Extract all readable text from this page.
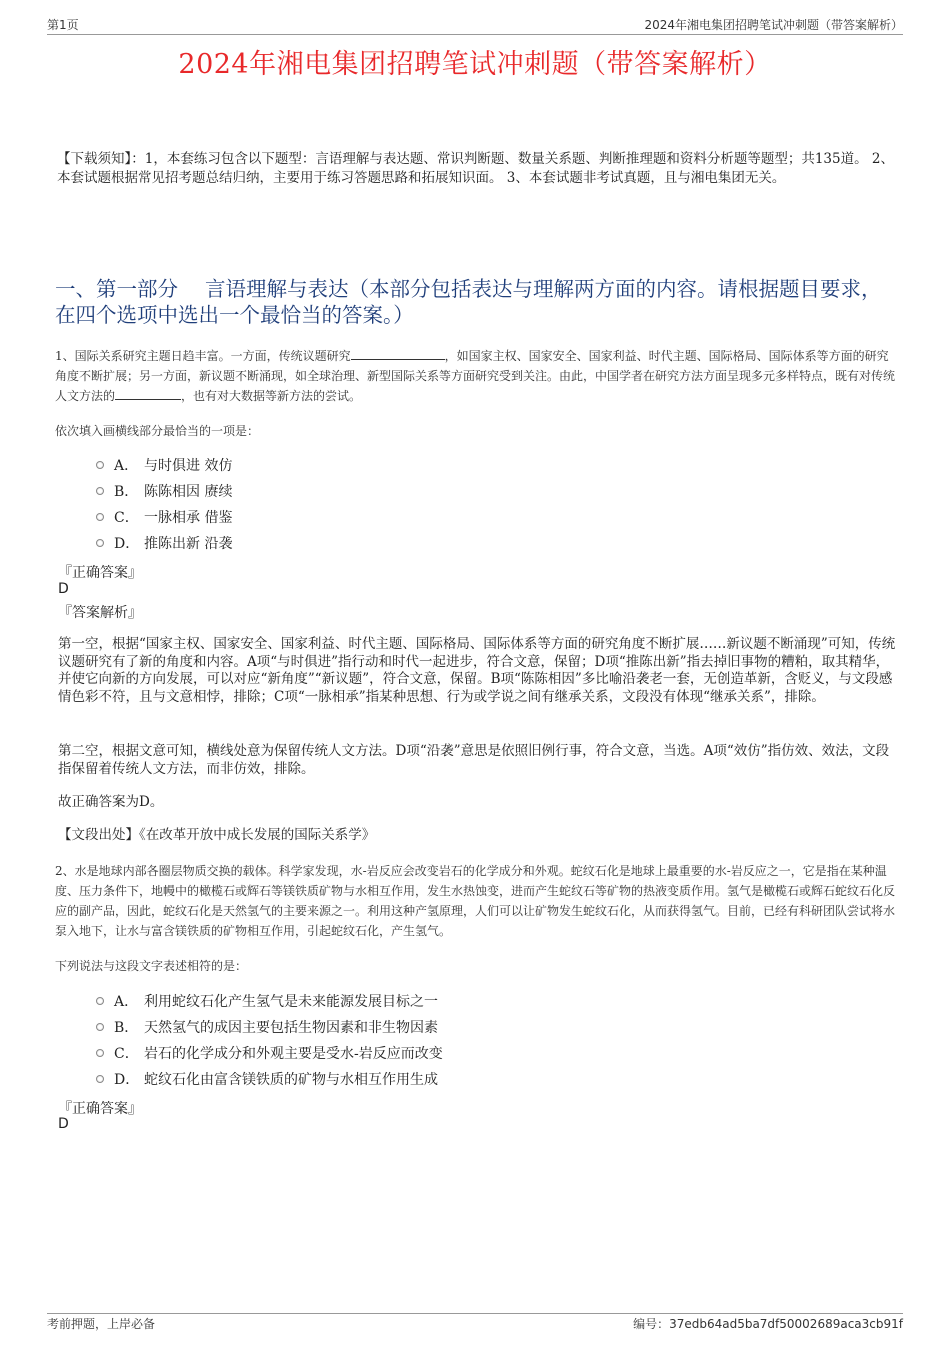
第1页	2024年湘电集团招聘笔试冲刺题（带答案解析）
2024年湘电集团招聘笔试冲刺题（带答案解析）
【下载须知】：1，本套练习包含以下题型：言语理解与表达题、常识判断题、数量关系题、判断推理题和资料分析题等题型；共135道。 2、本套试题根据常见招考题总结归纳，主要用于练习答题思路和拓展知识面。 3、本套试题非考试真题，且与湘电集团无关。
一、第一部分　 言语理解与表达（本部分包括表达与理解两方面的内容。请根据题目要求，在四个选项中选出一个最恰当的答案。）
1、国际关系研究主题日趋丰富。一方面，传统议题研究	，如国家主权、国家安全、国家利益、时代主题、国际格局、国际体系等方面的研究角度不断扩展；另一方面，新议题不断涌现，如全球治理、新型国际关系等方面研究受到关注。由此，中国学者在研究方法方面呈现多元多样特点，既有对传统人文方法的	，也有对大数据等新方法的尝试。
依次填入画横线部分最恰当的一项是：
A． 与时俱进 效仿
B． 陈陈相因 赓续
C． 一脉相承 借鉴
D． 推陈出新 沿袭
『正确答案』
D
『答案解析』
第一空，根据“国家主权、国家安全、国家利益、时代主题、国际格局、国际体系等方面的研究角度不断扩展……新议题不断涌现”可知，传统议题研究有了新的角度和内容。A项“与时俱进”指行动和时代一起进步，符合文意，保留；D项“推陈出新”指去掉旧事物的糟粕，取其精华，并使它向新的方向发展，可以对应“新角度”“新议题”，符合文意，保留。B项“陈陈相因”多比喻沿袭老一套，无创造革新，含贬义，与文段感情色彩不符，且与文意相悖，排除；C项“一脉相承”指某种思想、行为或学说之间有继承关系，文段没有体现“继承关系”，排除。
第二空，根据文意可知，横线处意为保留传统人文方法。D项“沿袭”意思是依照旧例行事，符合文意，当选。A项“效仿”指仿效、效法，文段指保留着传统人文方法，而非仿效，排除。
故正确答案为D。
【文段出处】《在改革开放中成长发展的国际关系学》
2、水是地球内部各圈层物质交换的载体。科学家发现，水-岩反应会改变岩石的化学成分和外观。蛇纹石化是地球上最重要的水-岩反应之一，它是指在某种温度、压力条件下，地幔中的橄榄石或辉石等镁铁质矿物与水相互作用，发生水热蚀变，进而产生蛇纹石等矿物的热液变质作用。氢气是橄榄石或辉石蛇纹石化反应的副产品，因此，蛇纹石化是天然氢气的主要来源之一。利用这种产氢原理，人们可以让矿物发生蛇纹石化，从而获得氢气。目前，已经有科研团队尝试将水泵入地下，让水与富含镁铁质的矿物相互作用，引起蛇纹石化，产生氢气。
下列说法与这段文字表述相符的是：
A． 利用蛇纹石化产生氢气是未来能源发展目标之一
B． 天然氢气的成因主要包括生物因素和非生物因素
C． 岩石的化学成分和外观主要是受水-岩反应而改变
D． 蛇纹石化由富含镁铁质的矿物与水相互作用生成
『正确答案』
D
考前押题，上岸必备	编号：37edb64ad5ba7df50002689aca3cb91f
